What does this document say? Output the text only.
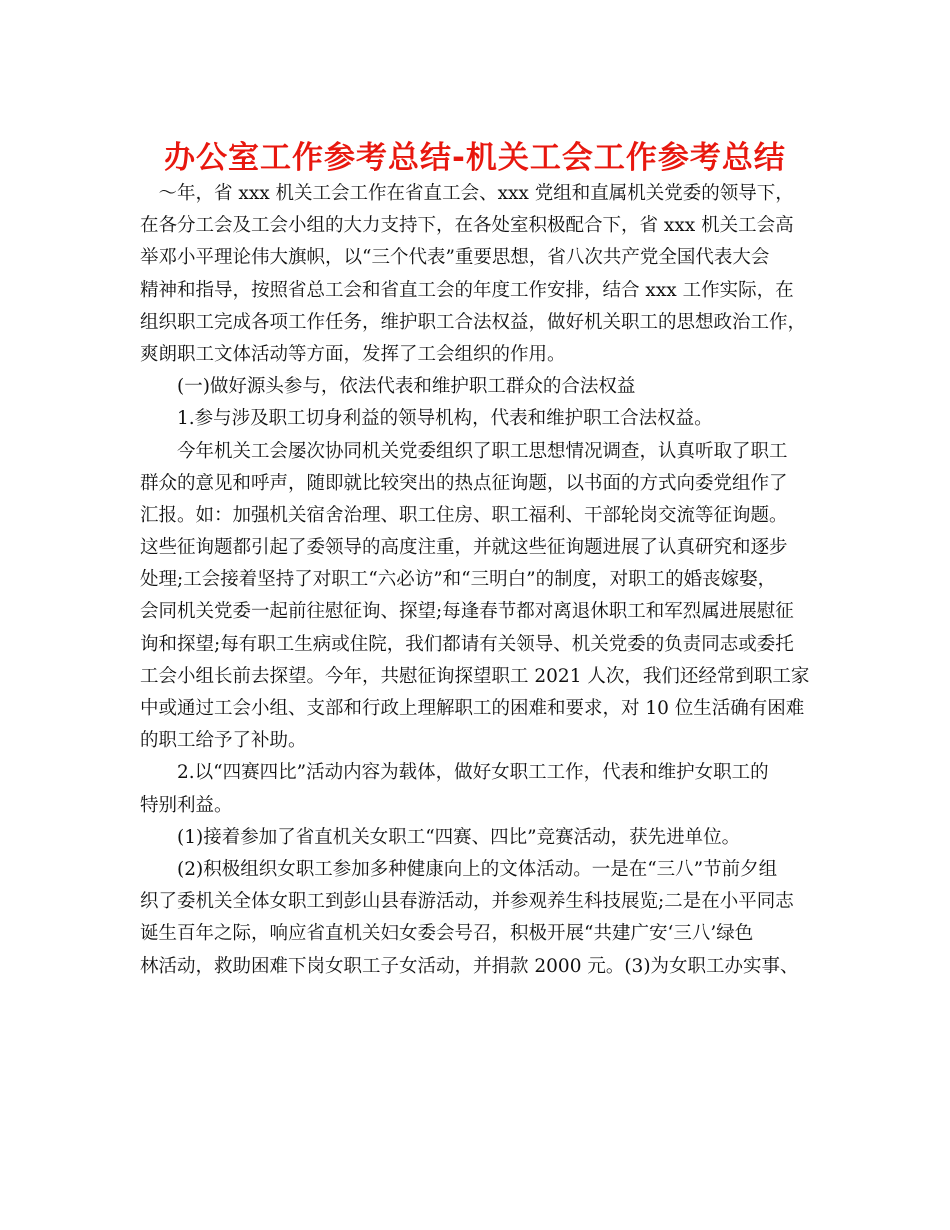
办公室工作参考总结-机关工会工作参考总结
　～年，省 xxx 机关工会工作在省直工会、xxx 党组和直属机关党委的领导下，
在各分工会及工会小组的大力支持下，在各处室积极配合下，省 xxx 机关工会高
举邓小平理论伟大旗帜，以“三个代表”重要思想，省八次共产党全国代表大会
精神和指导，按照省总工会和省直工会的年度工作安排，结合 xxx 工作实际，在
组织职工完成各项工作任务，维护职工合法权益，做好机关职工的思想政治工作，
爽朗职工文体活动等方面，发挥了工会组织的作用。
　　(一)做好源头参与，依法代表和维护职工群众的合法权益
　　1.参与涉及职工切身利益的领导机构，代表和维护职工合法权益。
　　今年机关工会屡次协同机关党委组织了职工思想情况调查，认真听取了职工
群众的意见和呼声，随即就比较突出的热点征询题，以书面的方式向委党组作了
汇报。如：加强机关宿舍治理、职工住房、职工福利、干部轮岗交流等征询题。
这些征询题都引起了委领导的高度注重，并就这些征询题进展了认真研究和逐步
处理;工会接着坚持了对职工“六必访”和“三明白”的制度，对职工的婚丧嫁娶，
会同机关党委一起前往慰征询、探望;每逢春节都对离退休职工和军烈属进展慰征
询和探望;每有职工生病或住院，我们都请有关领导、机关党委的负责同志或委托
工会小组长前去探望。今年，共慰征询探望职工 2021 人次，我们还经常到职工家
中或通过工会小组、支部和行政上理解职工的困难和要求，对 10 位生活确有困难
的职工给予了补助。
　　2.以“四赛四比”活动内容为载体，做好女职工工作，代表和维护女职工的
特别利益。
　　(1)接着参加了省直机关女职工“四赛、四比”竞赛活动，获先进单位。
　　(2)积极组织女职工参加多种健康向上的文体活动。一是在“三八”节前夕组
织了委机关全体女职工到彭山县春游活动，并参观养生科技展览;二是在小平同志
诞生百年之际，响应省直机关妇女委会号召，积极开展“共建广安‘三八’绿色
林活动，救助困难下岗女职工子女活动，并捐款 2000 元。(3)为女职工办实事、
